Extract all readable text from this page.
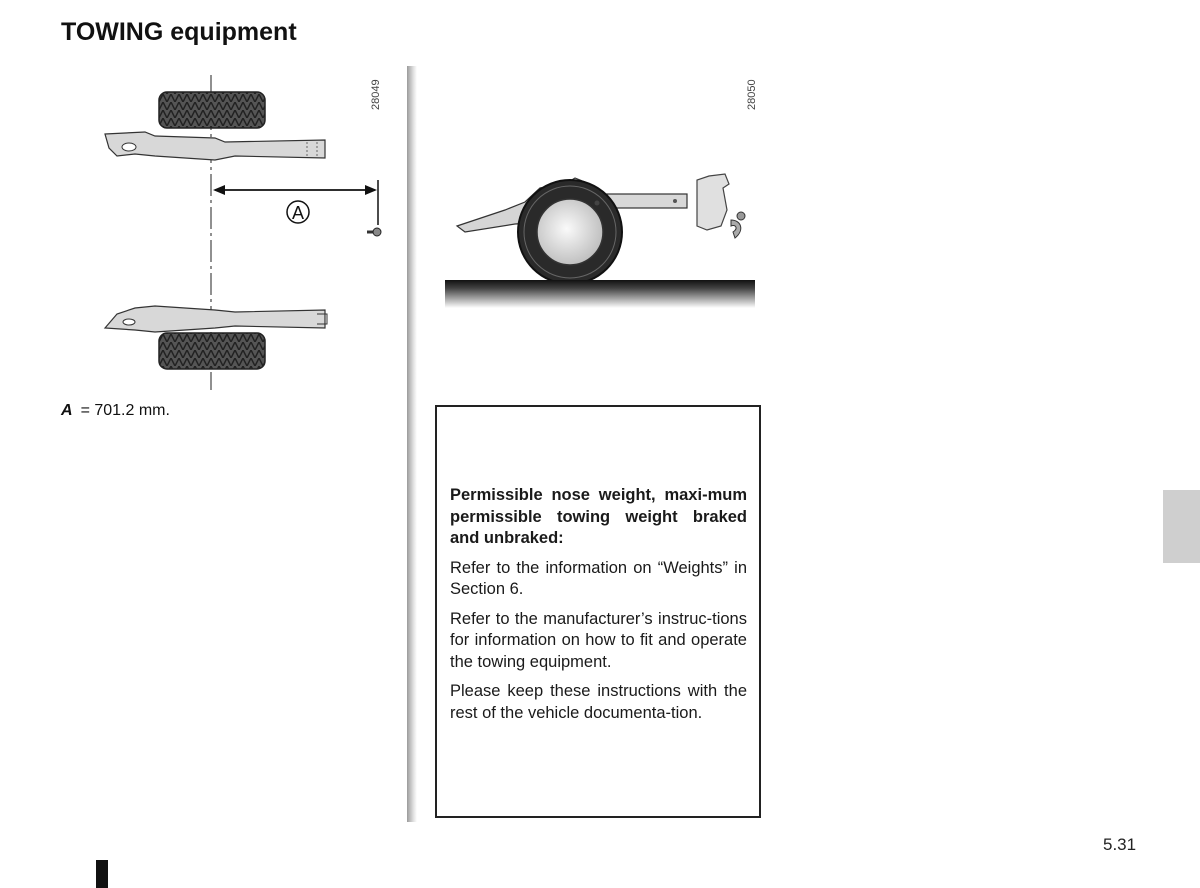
TOWING equipment
A
28049	28050
A = 701.2 mm.

Permissible nose weight, maxi-mum permissible towing weight braked and unbraked:

Refer to the information on “Weights” in Section 6.

Refer to the manufacturer’s instruc-tions for information on how to fit and operate the towing equipment.

Please keep these instructions with the rest of the vehicle documenta-tion.

5.31
